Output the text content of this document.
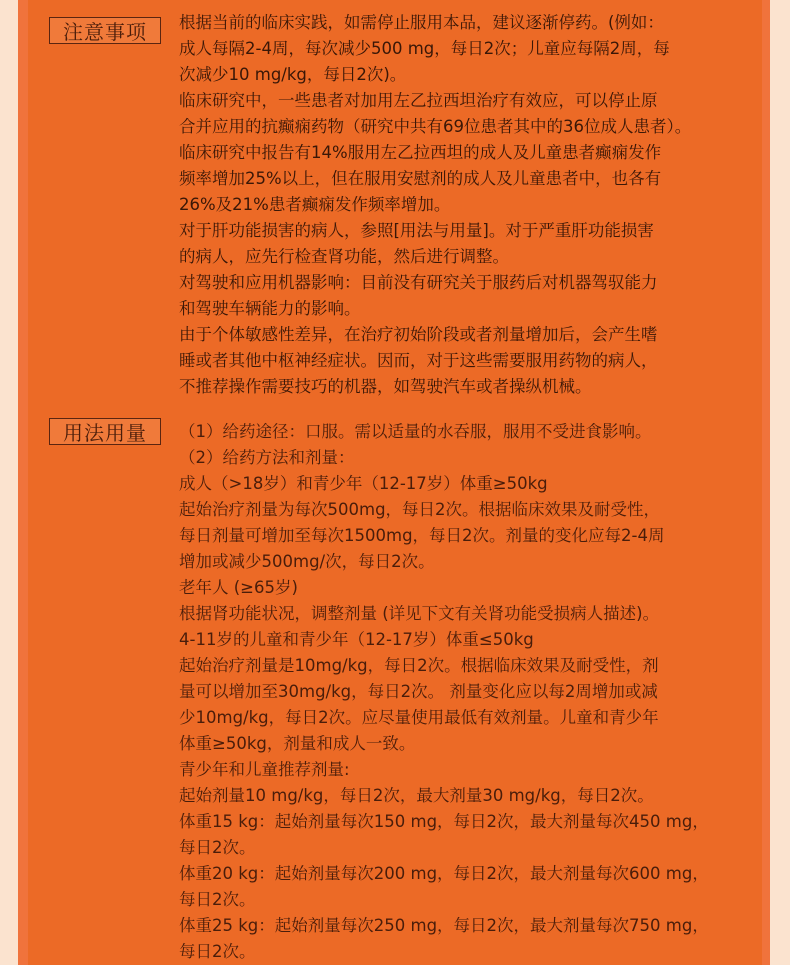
注意事项	根据当前的临床实践，如需停止服用本品，建议逐渐停药。(例如：
成人每隔2-4周，每次减少500 mg，每日2次；儿童应每隔2周，每
次减少10 mg/kg，每日2次)。
临床研究中，一些患者对加用左乙拉西坦治疗有效应，可以停止原
合并应用的抗癫痫药物（研究中共有69位患者其中的36位成人患者）。
临床研究中报告有14%服用左乙拉西坦的成人及儿童患者癫痫发作
频率增加25%以上，但在服用安慰剂的成人及儿童患者中，也各有
26%及21%患者癫痫发作频率增加。
对于肝功能损害的病人，参照[用法与用量]。对于严重肝功能损害
的病人，应先行检查肾功能，然后进行调整。
对驾驶和应用机器影响：目前没有研究关于服药后对机器驾驭能力
和驾驶车辆能力的影响。
由于个体敏感性差异，在治疗初始阶段或者剂量增加后，会产生嗜
睡或者其他中枢神经症状。因而，对于这些需要服用药物的病人，
不推荐操作需要技巧的机器，如驾驶汽车或者操纵机械。
用法用量	（1）给药途径：口服。需以适量的水吞服，服用不受进食影响。
（2）给药方法和剂量：
成人（>18岁）和青少年（12-17岁）体重≥50kg
起始治疗剂量为每次500mg，每日2次。根据临床效果及耐受性，
每日剂量可增加至每次1500mg，每日2次。剂量的变化应每2-4周
增加或减少500mg/次，每日2次。
老年人 (≥65岁)
根据肾功能状况，调整剂量 (详见下文有关肾功能受损病人描述)。
4-11岁的儿童和青少年（12-17岁）体重≤50kg
起始治疗剂量是10mg/kg，每日2次。根据临床效果及耐受性，剂
量可以增加至30mg/kg，每日2次。 剂量变化应以每2周增加或减
少10mg/kg，每日2次。应尽量使用最低有效剂量。儿童和青少年
体重≥50kg，剂量和成人一致。
青少年和儿童推荐剂量:
起始剂量10 mg/kg，每日2次，最大剂量30 mg/kg，每日2次。
体重15 kg：起始剂量每次150 mg，每日2次，最大剂量每次450 mg，
每日2次。
体重20 kg：起始剂量每次200 mg，每日2次，最大剂量每次600 mg，
每日2次。
体重25 kg：起始剂量每次250 mg，每日2次，最大剂量每次750 mg，
每日2次。
